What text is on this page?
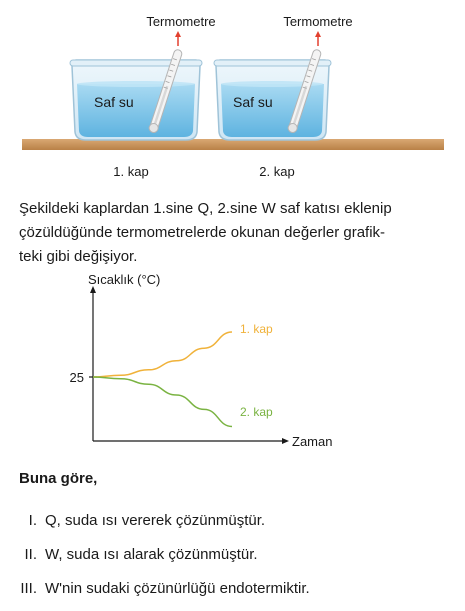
Termometre	Termometre
Saf su	Saf su
1. kap	2. kap
Şekildeki kaplardan 1.sine Q, 2.sine W saf katısı eklenip
çözüldüğünde termometrelerde okunan değerler grafik-
teki gibi değişiyor.
25
Sıcaklık (°C)
Zaman
1. kap
2. kap
Buna göre,
I. Q, suda ısı vererek çözünmüştür.
II. W, suda ısı alarak çözünmüştür.
III. W'nin sudaki çözünürlüğü endotermiktir.
